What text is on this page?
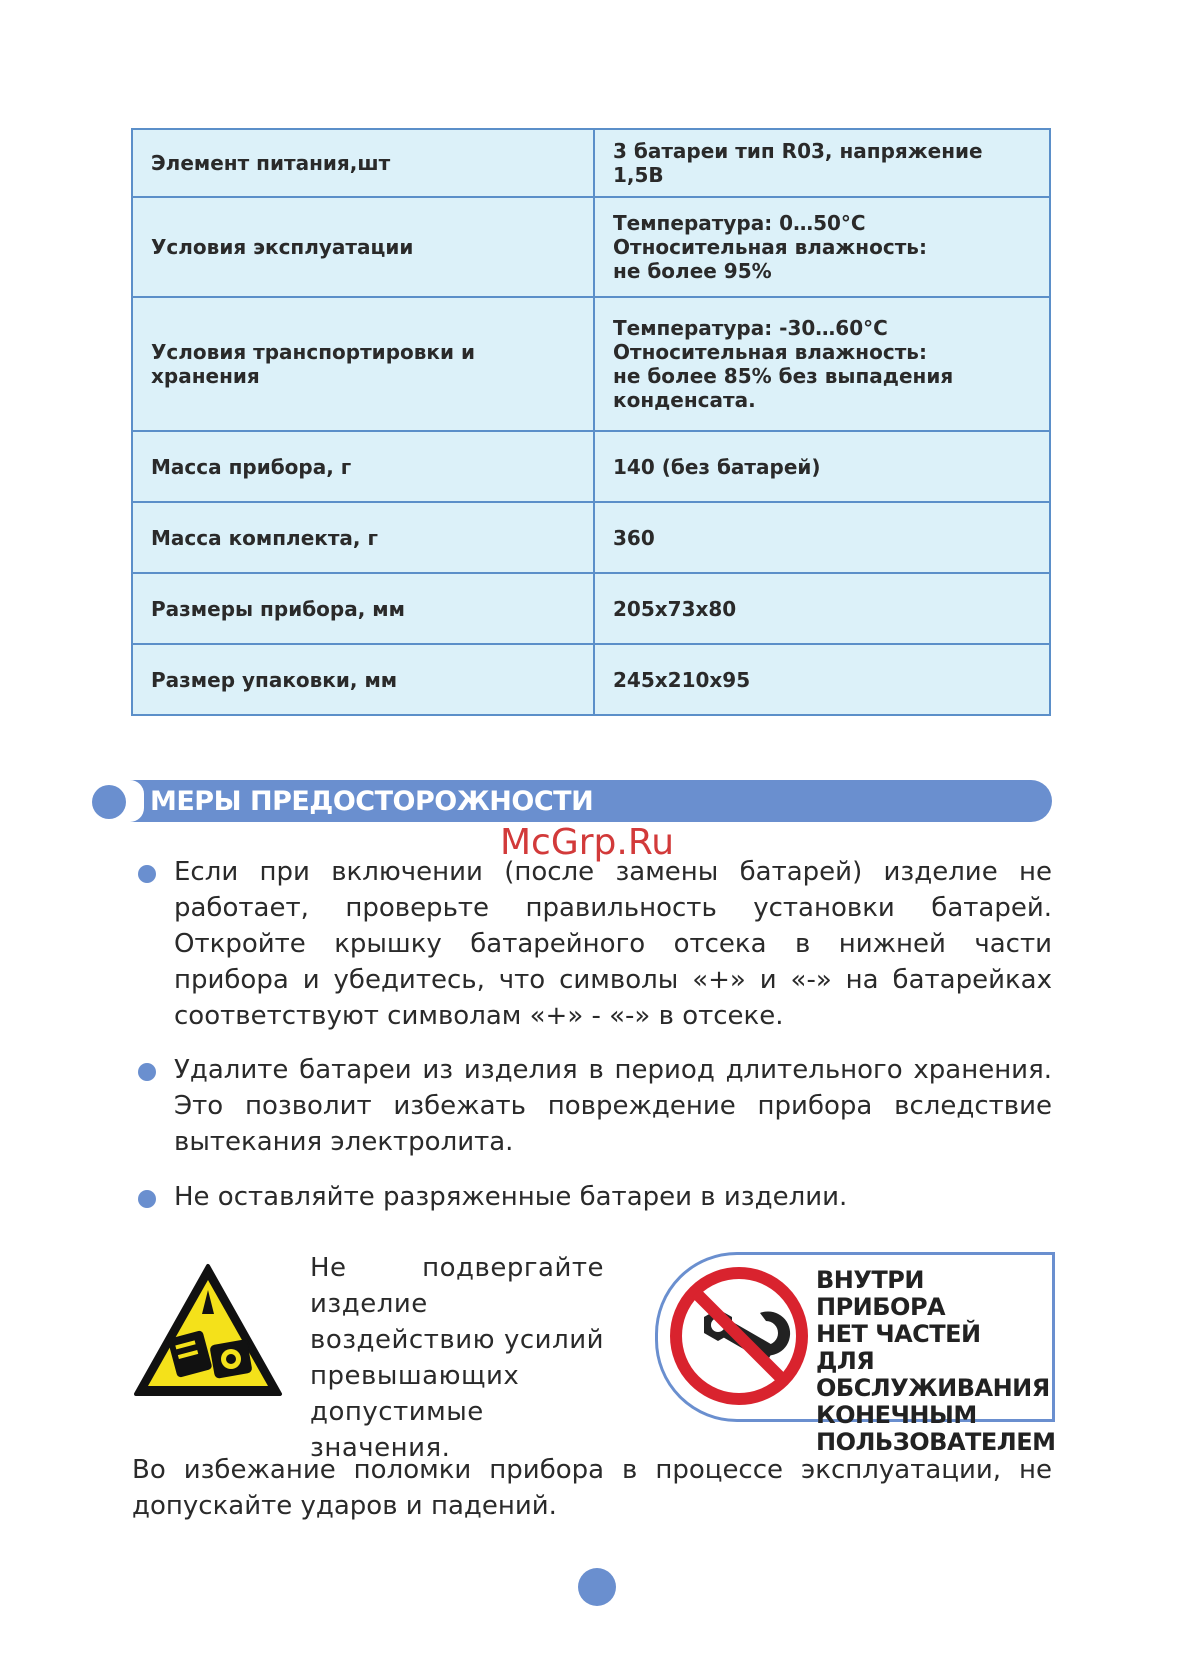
Элемент питания,шт	3 батареи тип R03, напряжение 1,5В

Условия эксплуатации	Температура: 0…50°С
Относительная влажность:
не более 95%

Условия транспортировки и хранения	Температура: -30…60°С
Относительная влажность:
не более 85% без выпадения
конденсата.

Масса прибора, г	140 (без батарей)

Масса комплекта, г	360

Размеры прибора, мм	205x73x80

Размер упаковки, мм	245x210x95
МЕРЫ ПРЕДОСТОРОЖНОСТИ
McGrp.Ru
Если при включении (после замены батарей) изделие не работает, проверьте правильность установки батарей. Откройте крышку батарейного отсека в нижней части прибора и убедитесь, что символы «+» и «-» на батарейках соответствуют символам «+» - «-» в отсеке.
Удалите батареи из изделия в период длительного хранения. Это позволит избежать повреждение прибора вследствие вытекания электролита.
Не оставляйте разряженные батареи в изделии.
Не подвергайте изделие воздействию усилий превышающих допустимые значения.
ВНУТРИ ПРИБОРА
НЕТ ЧАСТЕЙ ДЛЯ
ОБСЛУЖИВАНИЯ
КОНЕЧНЫМ
ПОЛЬЗОВАТЕЛЕМ
Во избежание поломки прибора в процессе эксплуатации, не допускайте ударов и падений.
